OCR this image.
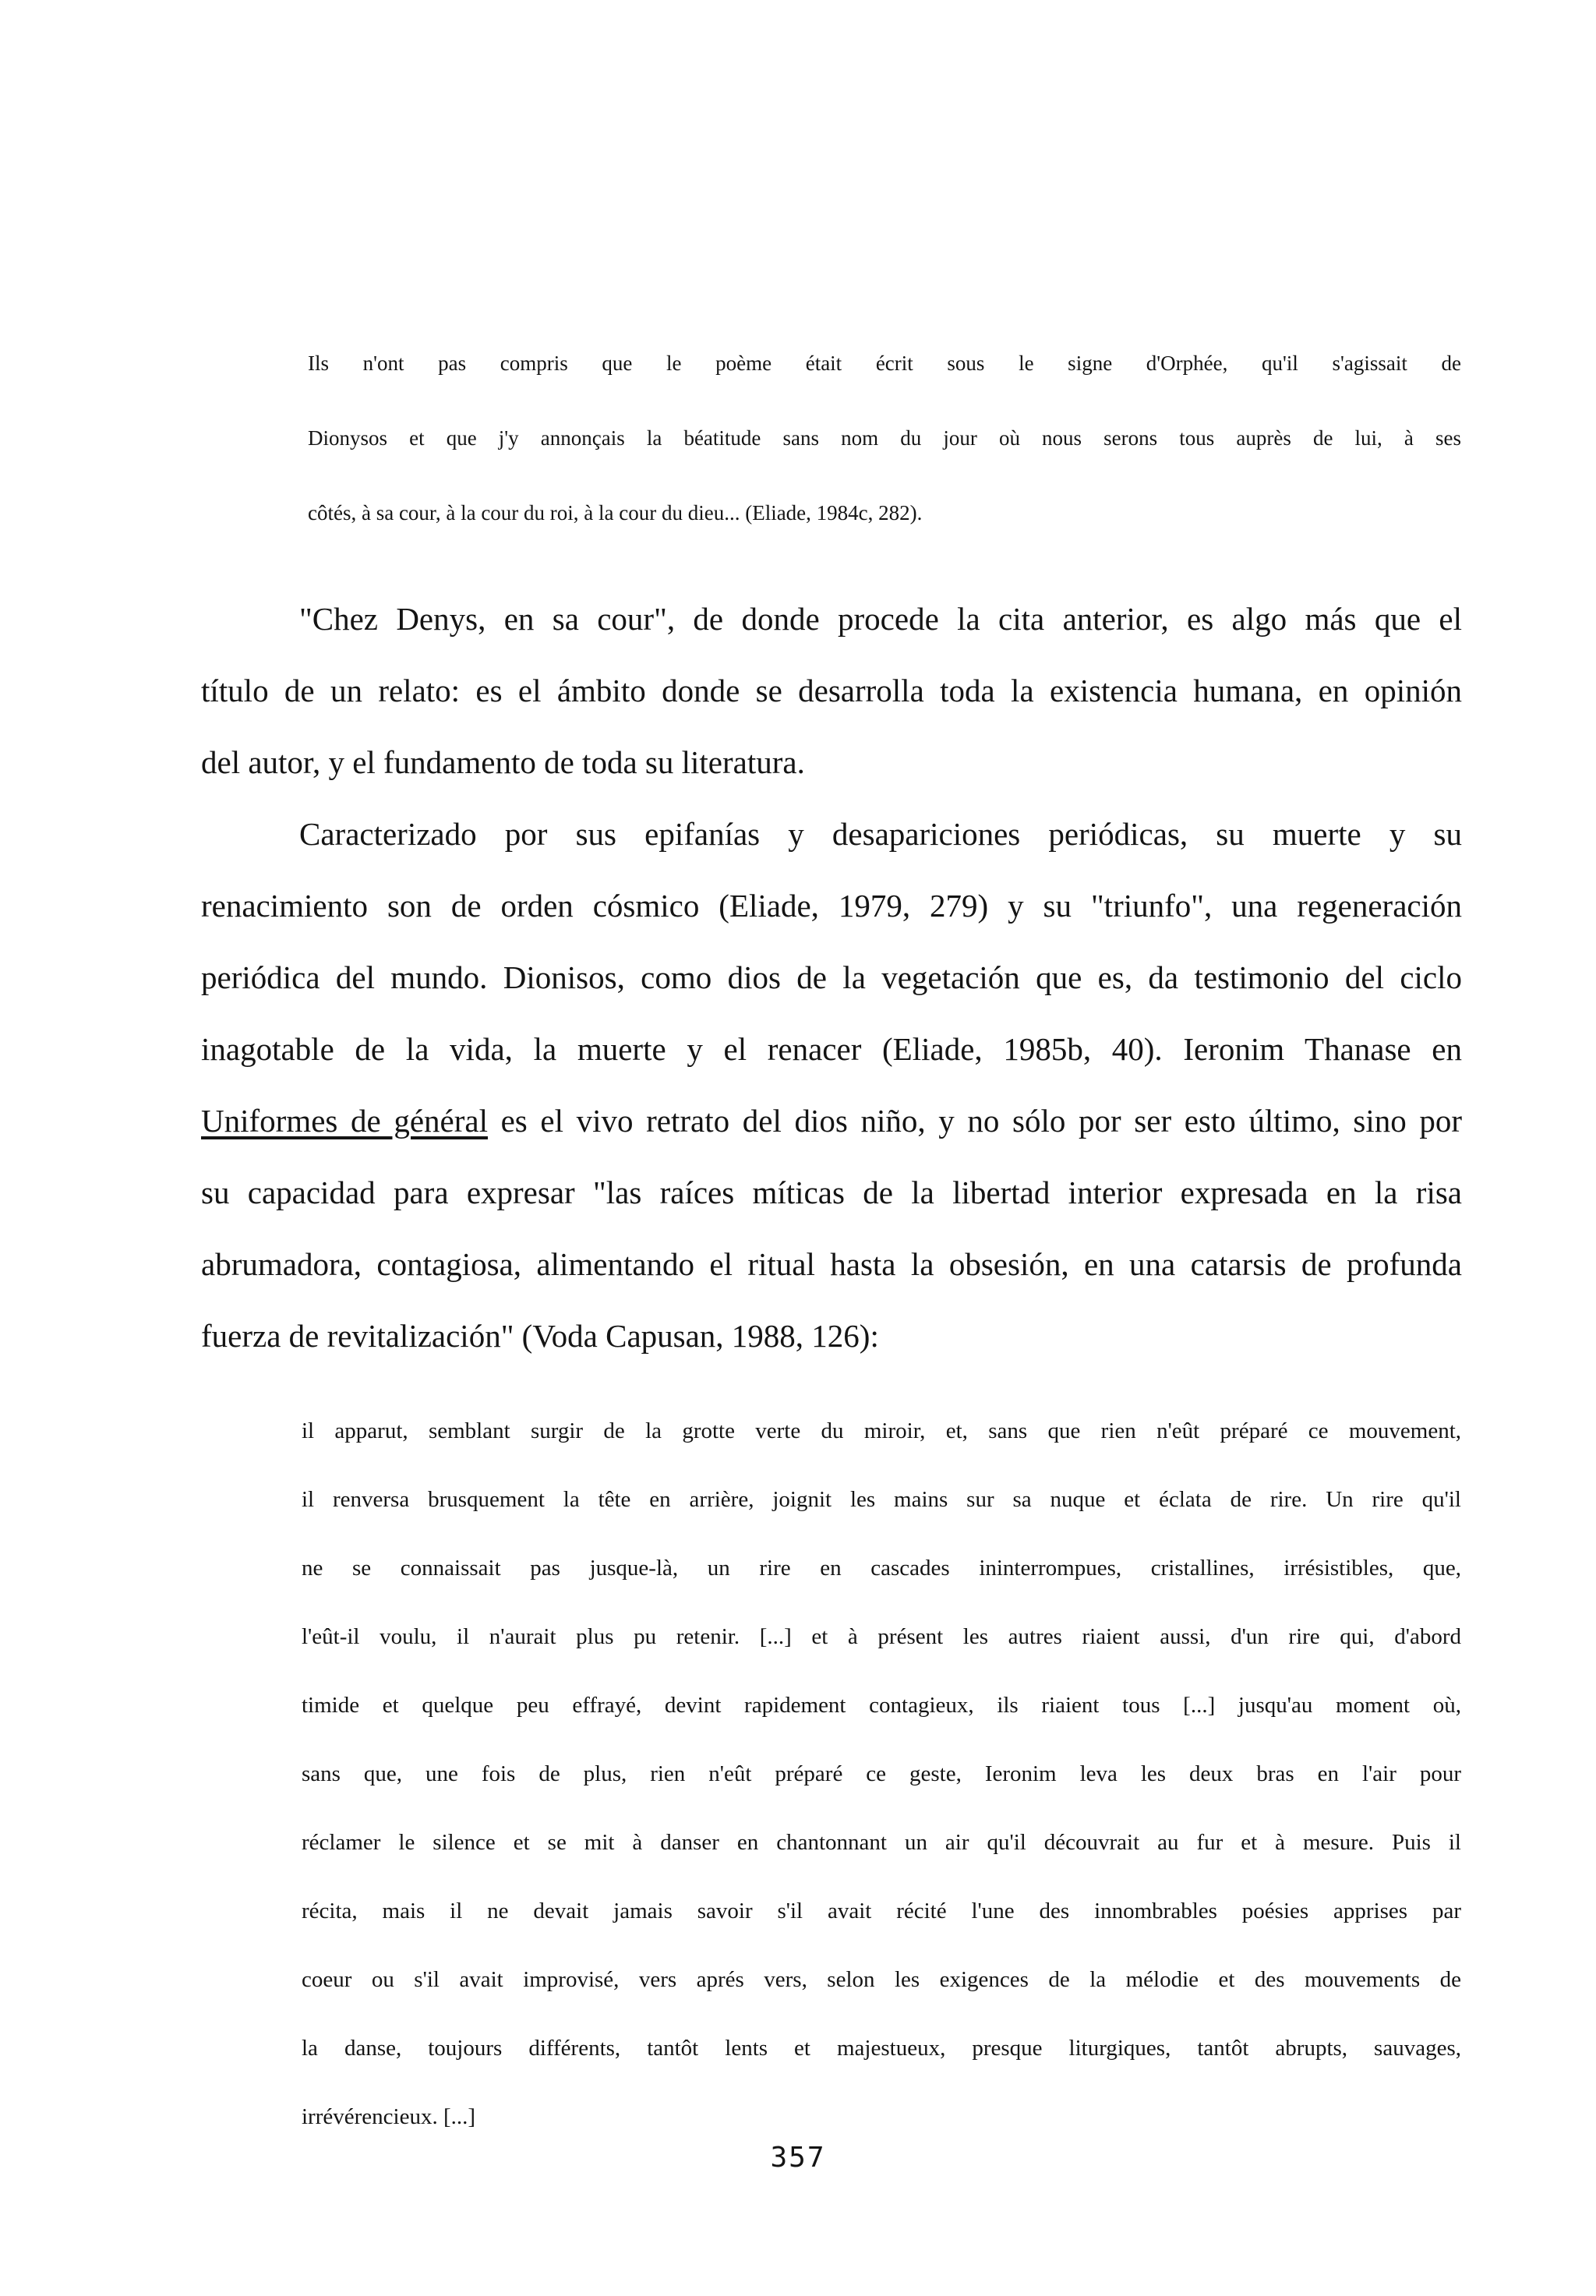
Ils n'ont pas compris que le poème était écrit sous le signe d'Orphée, qu'il s'agissait de
Dionysos et que j'y annonçais la béatitude sans nom du jour où nous serons tous auprès de lui, à ses
côtés, à sa cour, à la cour du roi, à la cour du dieu... (Eliade, 1984c, 282).
"Chez Denys, en sa cour", de donde procede la cita anterior, es algo más que el
título de un relato: es el ámbito donde se desarrolla toda la existencia humana, en opinión
del autor, y el fundamento de toda su literatura.
Caracterizado por sus epifanías y desapariciones periódicas, su muerte y su
renacimiento son de orden cósmico (Eliade, 1979, 279) y su "triunfo", una regeneración
periódica del mundo. Dionisos, como dios de la vegetación que es, da testimonio del ciclo
inagotable de la vida, la muerte y el renacer (Eliade, 1985b, 40). Ieronim Thanase en
Uniformes de général es el vivo retrato del dios niño, y no sólo por ser esto último, sino por
su capacidad para expresar "las raíces míticas de la libertad interior expresada en la risa
abrumadora, contagiosa, alimentando el ritual hasta la obsesión, en una catarsis de profunda
fuerza de revitalización" (Voda Capusan, 1988, 126):
il apparut, semblant surgir de la grotte verte du miroir, et, sans que rien n'eût préparé ce mouvement,
il renversa brusquement la tête en arrière, joignit les mains sur sa nuque et éclata de rire. Un rire qu'il
ne se connaissait pas jusque-là, un rire en cascades ininterrompues, cristallines, irrésistibles, que,
l'eût-il voulu, il n'aurait plus pu retenir. [...] et à présent les autres riaient aussi, d'un rire qui, d'abord
timide et quelque peu effrayé, devint rapidement contagieux, ils riaient tous [...] jusqu'au moment où,
sans que, une fois de plus, rien n'eût préparé ce geste, Ieronim leva les deux bras en l'air pour
réclamer le silence et se mit à danser en chantonnant un air qu'il découvrait au fur et à mesure. Puis il
récita, mais il ne devait jamais savoir s'il avait récité l'une des innombrables poésies apprises par
coeur ou s'il avait improvisé, vers aprés vers, selon les exigences de la mélodie et des mouvements de
la danse, toujours différents, tantôt lents et majestueux, presque liturgiques, tantôt abrupts, sauvages,
irrévérencieux. [...]
357
